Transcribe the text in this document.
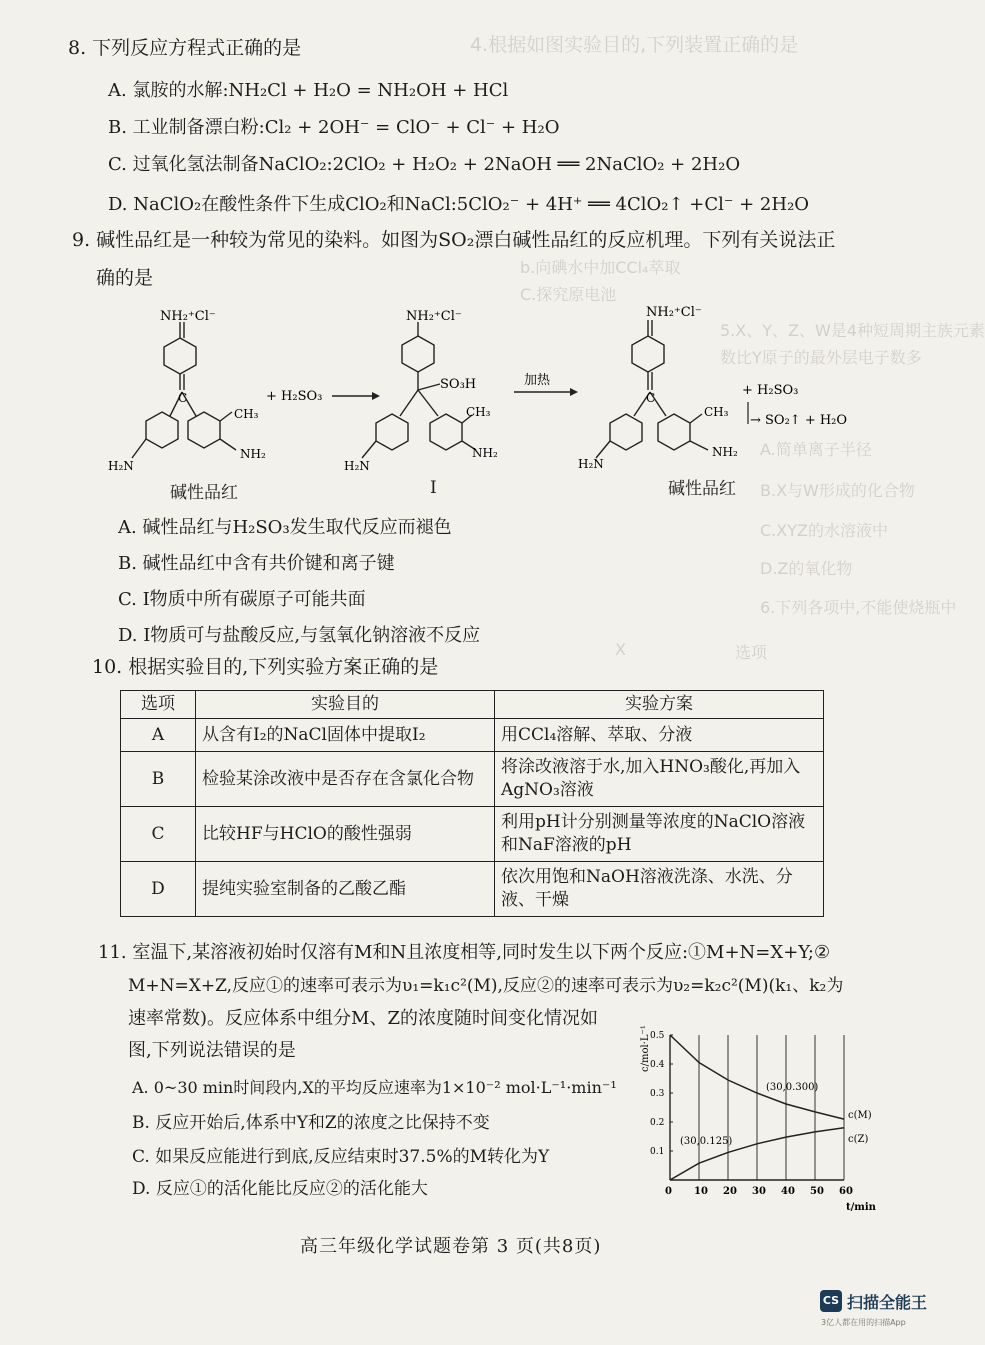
4.根据如图实验目的,下列装置正确的是
b.向碘水中加CCl₄萃取
C.探究原电池
5.X、Y、Z、W是4种短周期主族元素
数比Y原子的最外层电子数多
A.简单离子半径
B.X与W形成的化合物
C.XYZ的水溶液中
D.Z的氧化物
6.下列各项中,不能使烧瓶中
选项
X
8. 下列反应方程式正确的是
A. 氯胺的水解:NH₂Cl + H₂O = NH₂OH + HCl
B. 工业制备漂白粉:Cl₂ + 2OH⁻ = ClO⁻ + Cl⁻ + H₂O
C. 过氧化氢法制备NaClO₂:2ClO₂ + H₂O₂ + 2NaOH ══ 2NaClO₂ + 2H₂O
D. NaClO₂在酸性条件下生成ClO₂和NaCl:5ClO₂⁻ + 4H⁺ ══ 4ClO₂↑ +Cl⁻ + 2H₂O
9. 碱性品红是一种较为常见的染料。如图为SO₂漂白碱性品红的反应机理。下列有关说法正
确的是
NH₂⁺Cl⁻
C
CH₃
NH₂
H₂N
+ H₂SO₃
NH₂⁺Cl⁻
SO₃H
CH₃
NH₂
H₂N
加热
NH₂⁺Cl⁻
C
CH₃
NH₂
H₂N
+ H₂SO₃
→ SO₂↑ + H₂O
碱性品红	I	碱性品红
A. 碱性品红与H₂SO₃发生取代反应而褪色
B. 碱性品红中含有共价键和离子键
C. I物质中所有碳原子可能共面
D. I物质可与盐酸反应,与氢氧化钠溶液不反应
10. 根据实验目的,下列实验方案正确的是
选项	实验目的	实验方案
A	从含有I₂的NaCl固体中提取I₂	用CCl₄溶解、萃取、分液
B	检验某涂改液中是否存在含氯化合物	将涂改液溶于水,加入HNO₃酸化,再加入AgNO₃溶液
C	比较HF与HClO的酸性强弱	利用pH计分别测量等浓度的NaClO溶液和NaF溶液的pH
D	提纯实验室制备的乙酸乙酯	依次用饱和NaOH溶液洗涤、水洗、分液、干燥
11. 室温下,某溶液初始时仅溶有M和N且浓度相等,同时发生以下两个反应:①M+N=X+Y;②
M+N=X+Z,反应①的速率可表示为υ₁=k₁c²(M),反应②的速率可表示为υ₂=k₂c²(M)(k₁、k₂为
速率常数)。反应体系中组分M、Z的浓度随时间变化情况如
图,下列说法错误的是
A. 0~30 min时间段内,X的平均反应速率为1×10⁻² mol·L⁻¹·min⁻¹
B. 反应开始后,体系中Y和Z的浓度之比保持不变
C. 如果反应能进行到底,反应结束时37.5%的M转化为Y
D. 反应①的活化能比反应②的活化能大	0 10 20 30 40 50 60
0.1
0.2
0.3
0.4
0.5
c/mol·L⁻¹
t/min
(30,0.300)
(30,0.125)
c(M)
c(Z)
高三年级化学试题卷第 3 页(共8页)
CS 扫描全能王
3亿人都在用的扫描App
